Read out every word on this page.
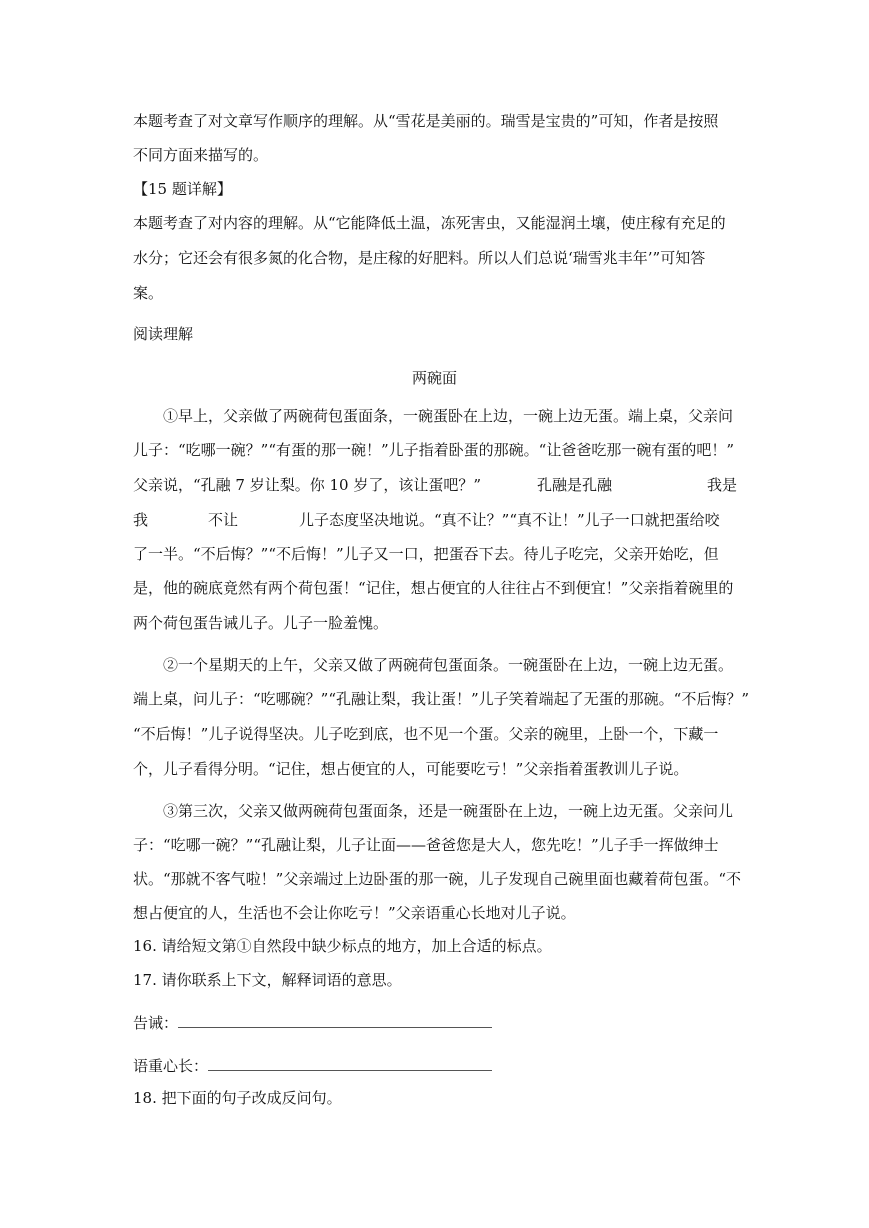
本题考查了对文章写作顺序的理解。从“雪花是美丽的。瑞雪是宝贵的”可知，作者是按照
不同方面来描写的。
【15 题详解】
本题考查了对内容的理解。从“它能降低土温，冻死害虫，又能湿润土壤，使庄稼有充足的
水分；它还会有很多氮的化合物，是庄稼的好肥料。所以人们总说‘瑞雪兆丰年’”可知答
案。
阅读理解
两碗面
①早上，父亲做了两碗荷包蛋面条，一碗蛋卧在上边，一碗上边无蛋。端上桌，父亲问
儿子：“吃哪一碗？”“有蛋的那一碗！”儿子指着卧蛋的那碗。“让爸爸吃那一碗有蛋的吧！”
父亲说，“孔融 7 岁让梨。你 10 岁了，该让蛋吧？”	孔融是孔融	我是
我	不让	儿子态度坚决地说。“真不让？”“真不让！”儿子一口就把蛋给咬
了一半。“不后悔？”“不后悔！”儿子又一口，把蛋吞下去。待儿子吃完，父亲开始吃，但
是，他的碗底竟然有两个荷包蛋！“记住，想占便宜的人往往占不到便宜！”父亲指着碗里的
两个荷包蛋告诫儿子。儿子一脸羞愧。
②一个星期天的上午，父亲又做了两碗荷包蛋面条。一碗蛋卧在上边，一碗上边无蛋。
端上桌，问儿子：“吃哪碗？”“孔融让梨，我让蛋！”儿子笑着端起了无蛋的那碗。“不后悔？”
“不后悔！”儿子说得坚决。儿子吃到底，也不见一个蛋。父亲的碗里，上卧一个，下藏一
个，儿子看得分明。“记住，想占便宜的人，可能要吃亏！”父亲指着蛋教训儿子说。
③第三次，父亲又做两碗荷包蛋面条，还是一碗蛋卧在上边，一碗上边无蛋。父亲问儿
子：“吃哪一碗？”“孔融让梨，儿子让面——爸爸您是大人，您先吃！”儿子手一挥做绅士
状。“那就不客气啦！”父亲端过上边卧蛋的那一碗，儿子发现自己碗里面也藏着荷包蛋。“不
想占便宜的人，生活也不会让你吃亏！”父亲语重心长地对儿子说。
16. 请给短文第①自然段中缺少标点的地方，加上合适的标点。
17. 请你联系上下文，解释词语的意思。
告诫：
语重心长：
18. 把下面的句子改成反问句。
